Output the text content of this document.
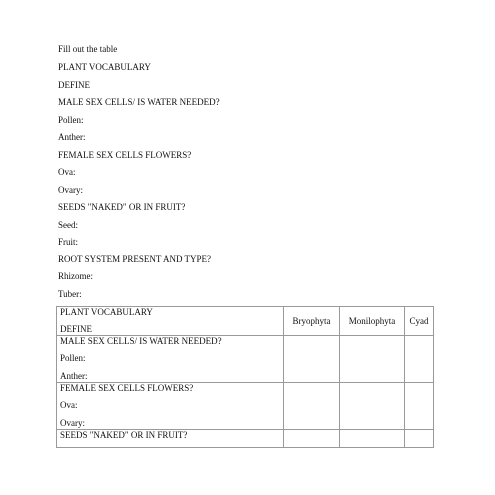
Fill out the table
PLANT VOCABULARY
DEFINE
MALE SEX CELLS/ IS WATER NEEDED?
Pollen:
Anther:
FEMALE SEX CELLS FLOWERS?
Ova:
Ovary:
SEEDS "NAKED" OR IN FRUIT?
Seed:
Fruit:
ROOT SYSTEM PRESENT AND TYPE?
Rhizome:
Tuber:
PLANT VOCABULARY
DEFINE	Bryophyta	Monilophyta	Cyad

MALE SEX CELLS/ IS WATER NEEDED?
Pollen:
Anther:			

FEMALE SEX CELLS FLOWERS?
Ova:
Ovary:			

SEEDS "NAKED" OR IN FRUIT?			
